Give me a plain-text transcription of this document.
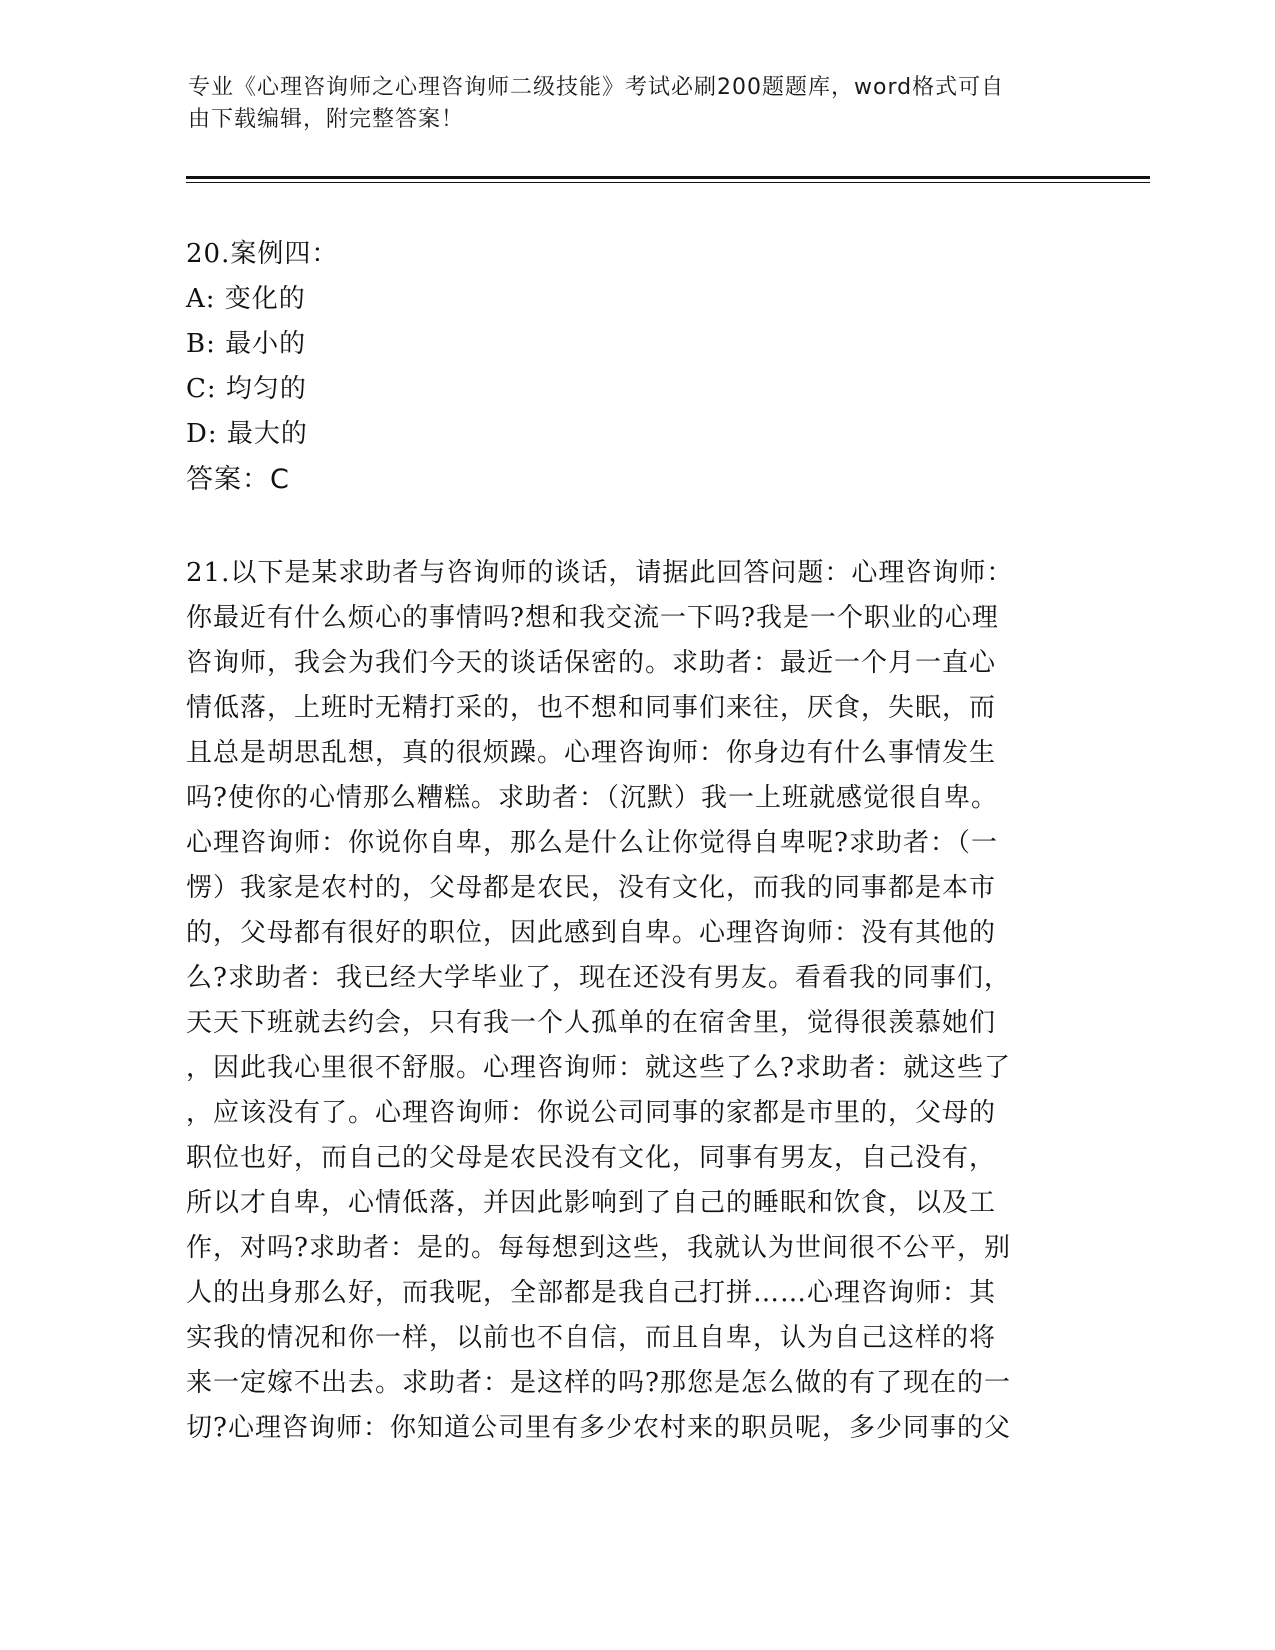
专业《心理咨询师之心理咨询师二级技能》考试必刷200题题库，word格式可自
由下载编辑，附完整答案！
20.案例四：
A: 变化的
B: 最小的
C: 均匀的
D: 最大的
答案：C
21.以下是某求助者与咨询师的谈话，请据此回答问题：心理咨询师：
你最近有什么烦心的事情吗?想和我交流一下吗?我是一个职业的心理
咨询师，我会为我们今天的谈话保密的。求助者：最近一个月一直心
情低落，上班时无精打采的，也不想和同事们来往，厌食，失眠，而
且总是胡思乱想，真的很烦躁。心理咨询师：你身边有什么事情发生
吗?使你的心情那么糟糕。求助者：（沉默）我一上班就感觉很自卑。
心理咨询师：你说你自卑，那么是什么让你觉得自卑呢?求助者：（一
愣）我家是农村的，父母都是农民，没有文化，而我的同事都是本市
的，父母都有很好的职位，因此感到自卑。心理咨询师：没有其他的
么?求助者：我已经大学毕业了，现在还没有男友。看看我的同事们，
天天下班就去约会，只有我一个人孤单的在宿舍里，觉得很羡慕她们
，因此我心里很不舒服。心理咨询师：就这些了么?求助者：就这些了
，应该没有了。心理咨询师：你说公司同事的家都是市里的，父母的
职位也好，而自己的父母是农民没有文化，同事有男友，自己没有，
所以才自卑，心情低落，并因此影响到了自己的睡眠和饮食，以及工
作，对吗?求助者：是的。每每想到这些，我就认为世间很不公平，别
人的出身那么好，而我呢，全部都是我自己打拼……心理咨询师：其
实我的情况和你一样，以前也不自信，而且自卑，认为自己这样的将
来一定嫁不出去。求助者：是这样的吗?那您是怎么做的有了现在的一
切?心理咨询师：你知道公司里有多少农村来的职员呢，多少同事的父
